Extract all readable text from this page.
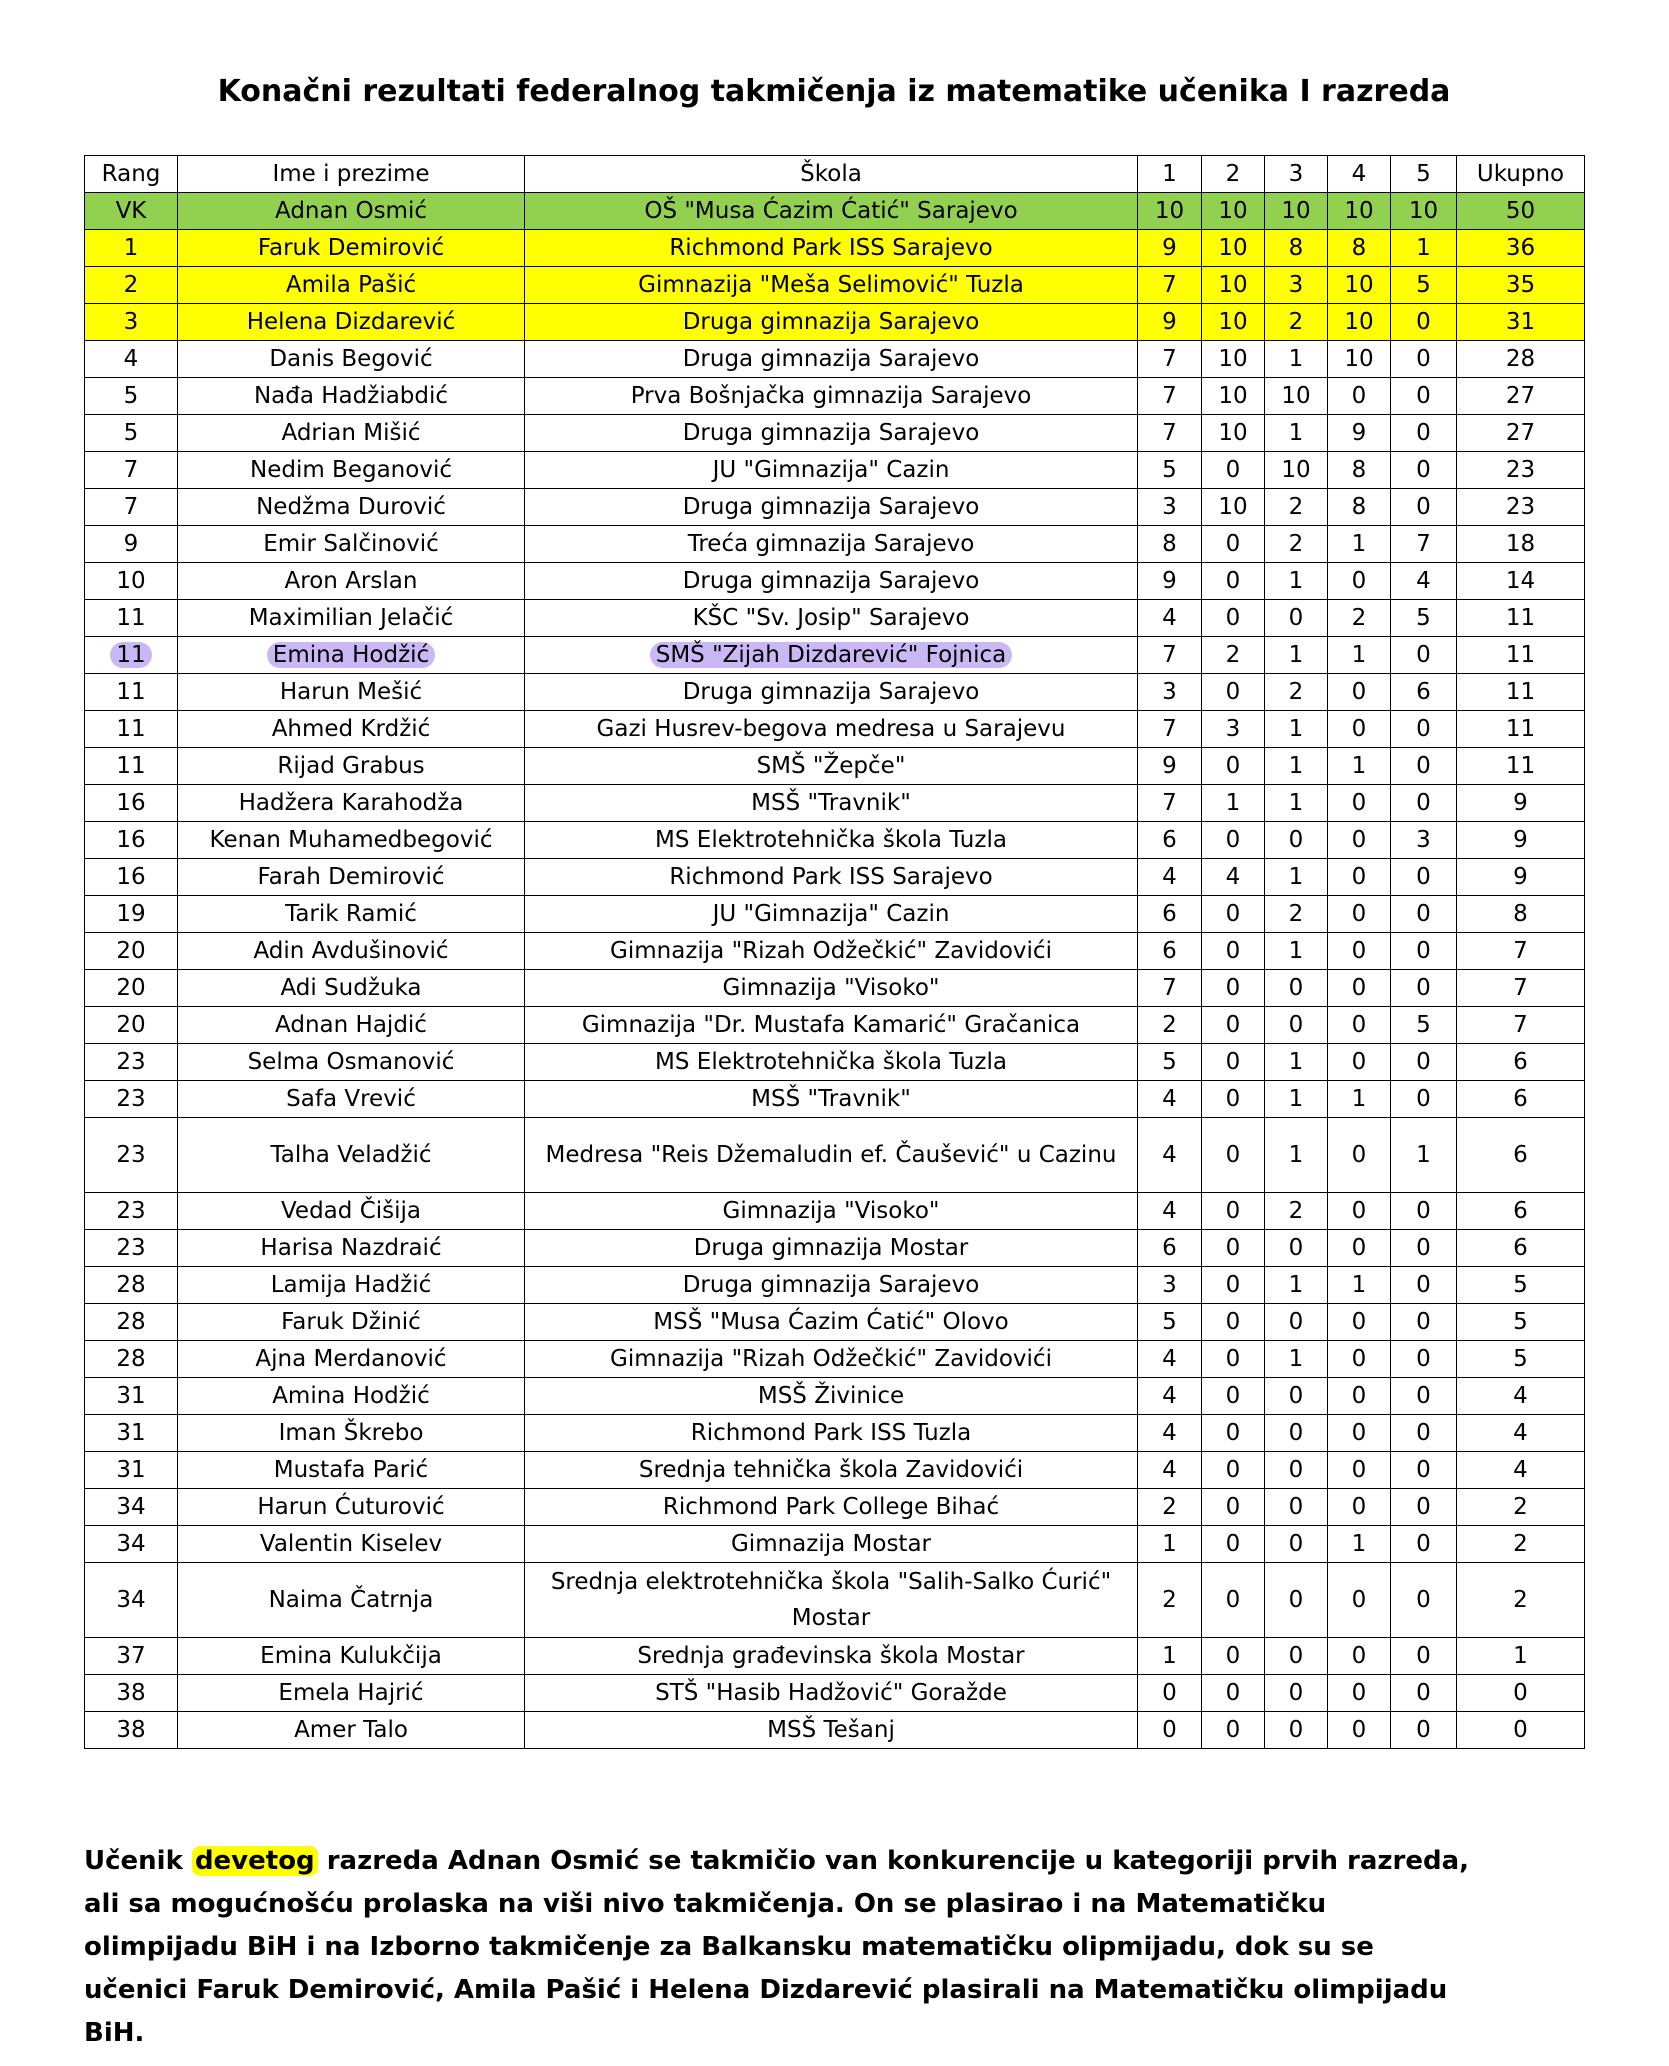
Konačni rezultati federalnog takmičenja iz matematike učenika I razreda
Rang	Ime i prezime	Škola	1	2	3	4	5	Ukupno
VK	Adnan Osmić	OŠ "Musa Ćazim Ćatić" Sarajevo	10	10	10	10	10	50
1	Faruk Demirović	Richmond Park ISS Sarajevo	9	10	8	8	1	36
2	Amila Pašić	Gimnazija "Meša Selimović" Tuzla	7	10	3	10	5	35
3	Helena Dizdarević	Druga gimnazija Sarajevo	9	10	2	10	0	31
4	Danis Begović	Druga gimnazija Sarajevo	7	10	1	10	0	28
5	Nađa Hadžiabdić	Prva Bošnjačka gimnazija Sarajevo	7	10	10	0	0	27
5	Adrian Mišić	Druga gimnazija Sarajevo	7	10	1	9	0	27
7	Nedim Beganović	JU "Gimnazija" Cazin	5	0	10	8	0	23
7	Nedžma Durović	Druga gimnazija Sarajevo	3	10	2	8	0	23
9	Emir Salčinović	Treća gimnazija Sarajevo	8	0	2	1	7	18
10	Aron Arslan	Druga gimnazija Sarajevo	9	0	1	0	4	14
11	Maximilian Jelačić	KŠC "Sv. Josip" Sarajevo	4	0	0	2	5	11
11	Emina Hodžić	SMŠ "Zijah Dizdarević" Fojnica	7	2	1	1	0	11
11	Harun Mešić	Druga gimnazija Sarajevo	3	0	2	0	6	11
11	Ahmed Krdžić	Gazi Husrev-begova medresa u Sarajevu	7	3	1	0	0	11
11	Rijad Grabus	SMŠ "Žepče"	9	0	1	1	0	11
16	Hadžera Karahodža	MSŠ "Travnik"	7	1	1	0	0	9
16	Kenan Muhamedbegović	MS Elektrotehnička škola Tuzla	6	0	0	0	3	9
16	Farah Demirović	Richmond Park ISS Sarajevo	4	4	1	0	0	9
19	Tarik Ramić	JU "Gimnazija" Cazin	6	0	2	0	0	8
20	Adin Avdušinović	Gimnazija "Rizah Odžečkić" Zavidovići	6	0	1	0	0	7
20	Adi Sudžuka	Gimnazija "Visoko"	7	0	0	0	0	7
20	Adnan Hajdić	Gimnazija "Dr. Mustafa Kamarić" Gračanica	2	0	0	0	5	7
23	Selma Osmanović	MS Elektrotehnička škola Tuzla	5	0	1	0	0	6
23	Safa Vrević	MSŠ "Travnik"	4	0	1	1	0	6
23	Talha Veladžić	Medresa "Reis Džemaludin ef. Čaušević" u Cazinu	4	0	1	0	1	6
23	Vedad Čišija	Gimnazija "Visoko"	4	0	2	0	0	6
23	Harisa Nazdraić	Druga gimnazija Mostar	6	0	0	0	0	6
28	Lamija Hadžić	Druga gimnazija Sarajevo	3	0	1	1	0	5
28	Faruk Džinić	MSŠ "Musa Ćazim Ćatić" Olovo	5	0	0	0	0	5
28	Ajna Merdanović	Gimnazija "Rizah Odžečkić" Zavidovići	4	0	1	0	0	5
31	Amina Hodžić	MSŠ Živinice	4	0	0	0	0	4
31	Iman Škrebo	Richmond Park ISS Tuzla	4	0	0	0	0	4
31	Mustafa Parić	Srednja tehnička škola Zavidovići	4	0	0	0	0	4
34	Harun Ćuturović	Richmond Park College Bihać	2	0	0	0	0	2
34	Valentin Kiselev	Gimnazija Mostar	1	0	0	1	0	2
34	Naima Čatrnja	Srednja elektrotehnička škola "Salih-Salko Ćurić" Mostar	2	0	0	0	0	2
37	Emina Kulukčija	Srednja građevinska škola Mostar	1	0	0	0	0	1
38	Emela Hajrić	STŠ "Hasib Hadžović" Goražde	0	0	0	0	0	0
38	Amer Talo	MSŠ Tešanj	0	0	0	0	0	0
Učenik devetog razreda Adnan Osmić se takmičio van konkurencije u kategoriji prvih razreda, ali sa mogućnošću prolaska na viši nivo takmičenja. On se plasirao i na Matematičku olimpijadu BiH i na Izborno takmičenje za Balkansku matematičku olipmijadu, dok su se učenici Faruk Demirović, Amila Pašić i Helena Dizdarević plasirali na Matematičku olimpijadu BiH.
